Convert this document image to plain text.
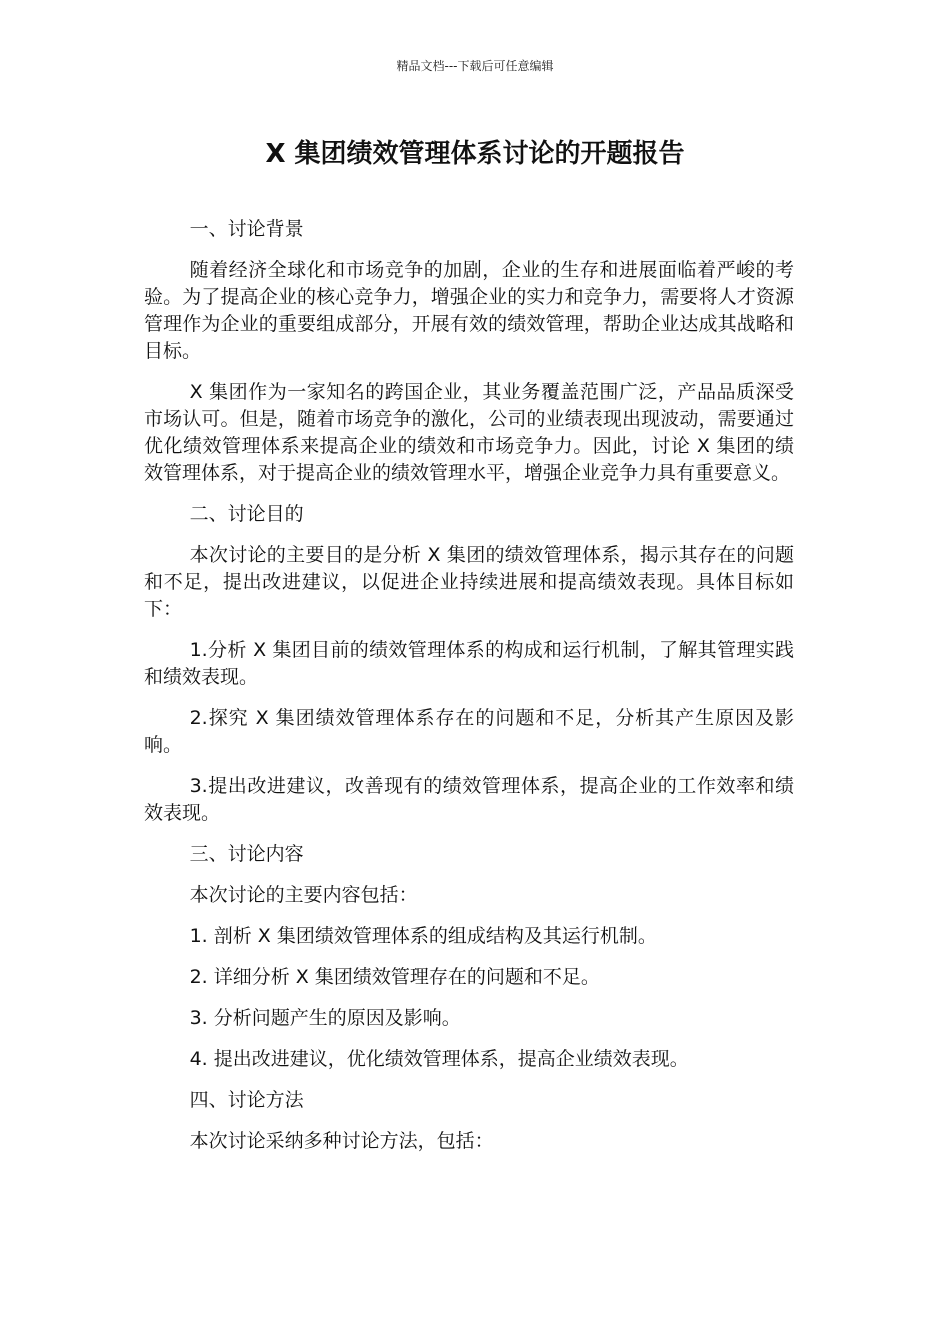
精品文档---下载后可任意编辑
X 集团绩效管理体系讨论的开题报告

一、讨论背景

随着经济全球化和市场竞争的加剧，企业的生存和进展面临着严峻的考验。为了提高企业的核心竞争力，增强企业的实力和竞争力，需要将人才资源管理作为企业的重要组成部分，开展有效的绩效管理，帮助企业达成其战略和目标。

X 集团作为一家知名的跨国企业，其业务覆盖范围广泛，产品品质深受市场认可。但是，随着市场竞争的激化，公司的业绩表现出现波动，需要通过优化绩效管理体系来提高企业的绩效和市场竞争力。因此，讨论 X 集团的绩效管理体系，对于提高企业的绩效管理水平，增强企业竞争力具有重要意义。

二、讨论目的

本次讨论的主要目的是分析 X 集团的绩效管理体系，揭示其存在的问题和不足，提出改进建议，以促进企业持续进展和提高绩效表现。具体目标如下：

1.分析 X 集团目前的绩效管理体系的构成和运行机制，了解其管理实践和绩效表现。

2.探究 X 集团绩效管理体系存在的问题和不足，分析其产生原因及影响。

3.提出改进建议，改善现有的绩效管理体系，提高企业的工作效率和绩效表现。

三、讨论内容

本次讨论的主要内容包括：

1. 剖析 X 集团绩效管理体系的组成结构及其运行机制。

2. 详细分析 X 集团绩效管理存在的问题和不足。

3. 分析问题产生的原因及影响。

4. 提出改进建议，优化绩效管理体系，提高企业绩效表现。

四、讨论方法

本次讨论采纳多种讨论方法，包括：
